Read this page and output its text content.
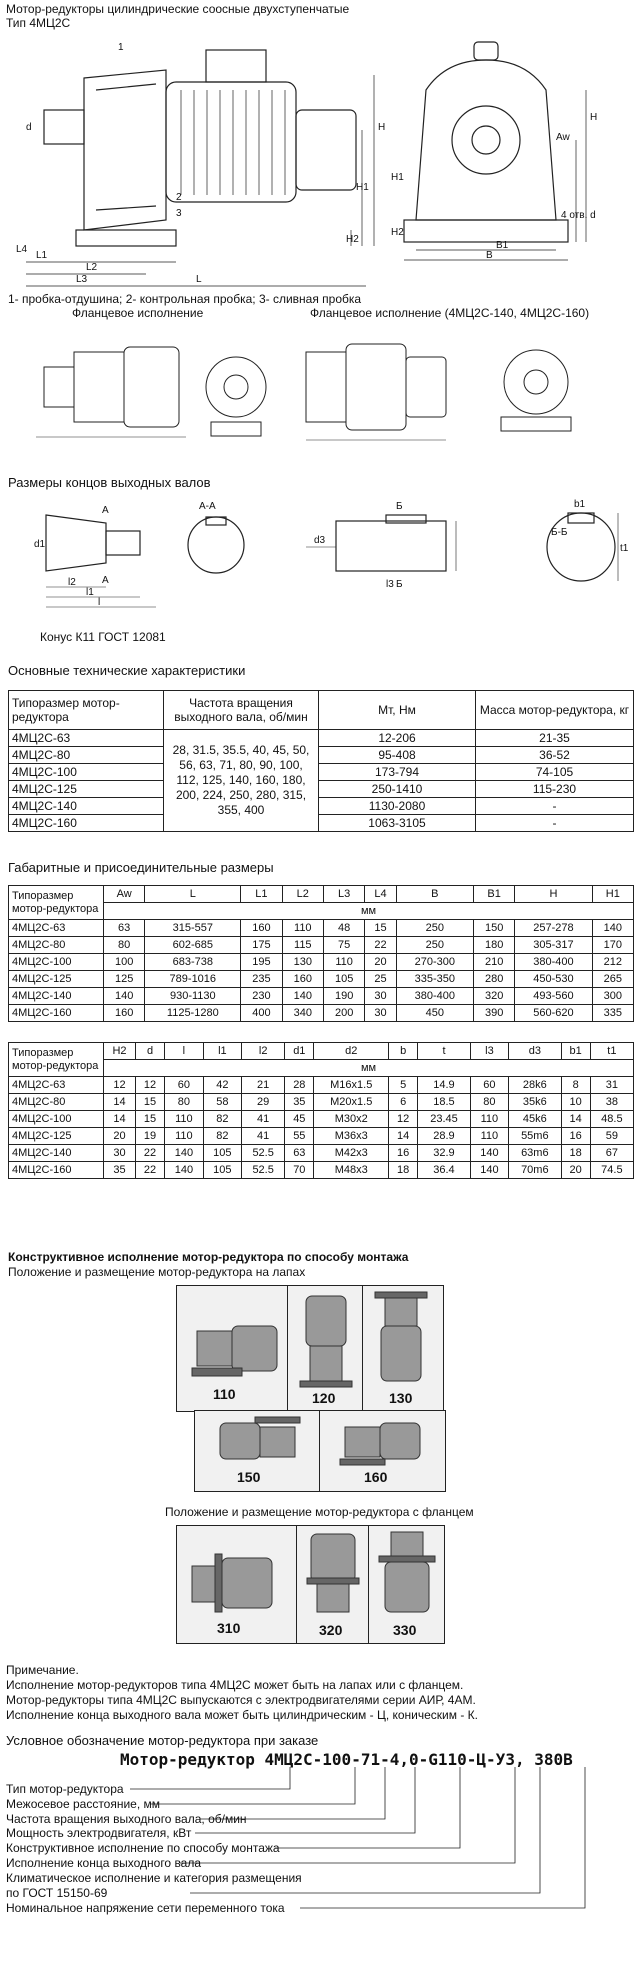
Мотор-редукторы цилиндрические соосные двухступенчатые
Тип 4МЦ2С
1
2
3
L1
L2
L3
L4
L
H2
H1
H
d
H
H1
Aw
H2
B1
B
4 отв. d
1- пробка-отдушина; 2- контрольная пробка; 3- сливная пробка
Фланцевое исполнение	Фланцевое исполнение (4МЦ2С-140, 4МЦ2С-160)
Размеры концов выходных валов
А-А
Б-Б
А
А
Б
Б
d1
l2
l1
l
d3
l3
b1
t1
Конус К11 ГОСТ 12081
Основные технические характеристики
Типоразмер мотор-редуктора	Частота вращения выходного вала, об/мин	Мт, Нм	Масса мотор-редуктора, кг
4МЦ2С-63	28, 31.5, 35.5, 40, 45, 50, 56, 63, 71, 80, 90, 100, 112, 125, 140, 160, 180, 200, 224, 250, 280, 315, 355, 400	12-206	21-35
4МЦ2С-80		95-408	36-52
4МЦ2С-100		173-794	74-105
4МЦ2С-125		250-1410	115-230
4МЦ2С-140		1130-2080	-
4МЦ2С-160		1063-3105	-
Габаритные и присоединительные размеры
Типоразмер мотор-редуктора	Aw	L	L1	L2	L3	L4	B	B1	H	H1
	мм									
4МЦ2С-63	63	315-557	160	110	48	15	250	150	257-278	140
4МЦ2С-80	80	602-685	175	115	75	22	250	180	305-317	170
4МЦ2С-100	100	683-738	195	130	110	20	270-300	210	380-400	212
4МЦ2С-125	125	789-1016	235	160	105	25	335-350	280	450-530	265
4МЦ2С-140	140	930-1130	230	140	190	30	380-400	320	493-560	300
4МЦ2С-160	160	1125-1280	400	340	200	30	450	390	560-620	335
Типоразмер мотор-редуктора	H2	d	l	l1	l2	d1	d2	b	t	l3	d3	b1	t1
	мм												
4МЦ2С-63	12	12	60	42	21	28	M16x1.5	5	14.9	60	28k6	8	31
4МЦ2С-80	14	15	80	58	29	35	M20x1.5	6	18.5	80	35k6	10	38
4МЦ2С-100	14	15	110	82	41	45	M30x2	12	23.45	110	45k6	14	48.5
4МЦ2С-125	20	19	110	82	41	55	M36x3	14	28.9	110	55m6	16	59
4МЦ2С-140	30	22	140	105	52.5	63	M42x3	16	32.9	140	63m6	18	67
4МЦ2С-160	35	22	140	105	52.5	70	M48x3	18	36.4	140	70m6	20	74.5
Конструктивное исполнение мотор-редуктора по способу монтажа
Положение и размещение мотор-редуктора на лапах
110	120	130
150	160
Положение и размещение мотор-редуктора с фланцем
310	320	330
Примечание.
Исполнение мотор-редукторов типа 4МЦ2С может быть на лапах или с фланцем.
Мотор-редукторы типа 4МЦ2С выпускаются с электродвигателями серии АИР, 4АМ.
Исполнение конца выходного вала может быть цилиндрическим - Ц, коническим - К.
Условное обозначение мотор-редуктора при заказе
Мотор-редуктор 4МЦ2С-100-71-4,0-G110-Ц-У3, 380В
Тип мотор-редуктора
Межосевое расстояние, мм
Частота вращения выходного вала, об/мин
Мощность электродвигателя, кВт
Конструктивное исполнение по способу монтажа
Исполнение конца выходного вала
Климатическое исполнение и категория размещения
по ГОСТ 15150-69
Номинальное напряжение сети переменного тока
